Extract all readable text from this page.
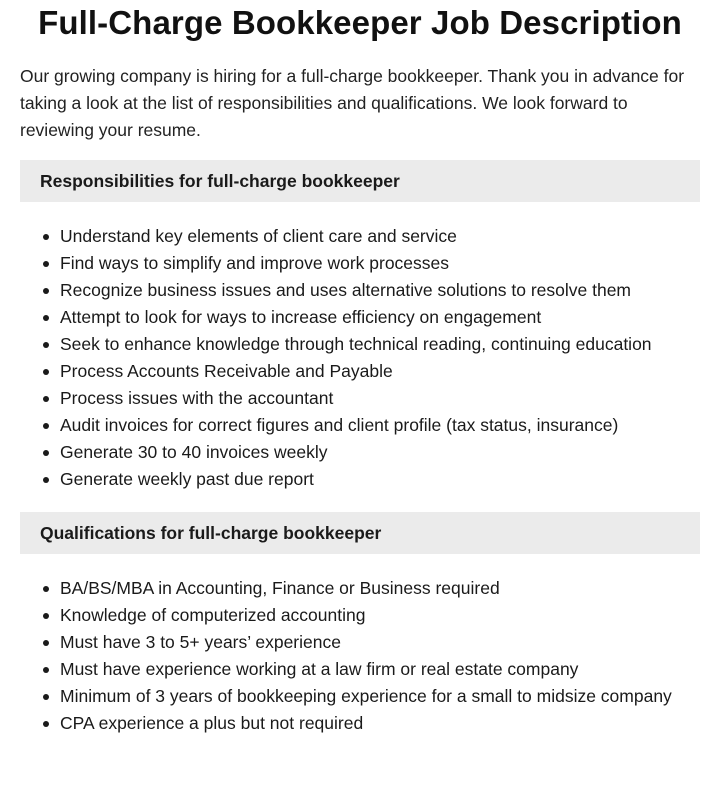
Full-Charge Bookkeeper Job Description

Our growing company is hiring for a full-charge bookkeeper. Thank you in advance for taking a look at the list of responsibilities and qualifications. We look forward to reviewing your resume.

Responsibilities for full-charge bookkeeper
Understand key elements of client care and service
Find ways to simplify and improve work processes
Recognize business issues and uses alternative solutions to resolve them
Attempt to look for ways to increase efficiency on engagement
Seek to enhance knowledge through technical reading, continuing education
Process Accounts Receivable and Payable
Process issues with the accountant
Audit invoices for correct figures and client profile (tax status, insurance)
Generate 30 to 40 invoices weekly
Generate weekly past due report
Qualifications for full-charge bookkeeper
BA/BS/MBA in Accounting, Finance or Business required
Knowledge of computerized accounting
Must have 3 to 5+ years’ experience
Must have experience working at a law firm or real estate company
Minimum of 3 years of bookkeeping experience for a small to midsize company
CPA experience a plus but not required
